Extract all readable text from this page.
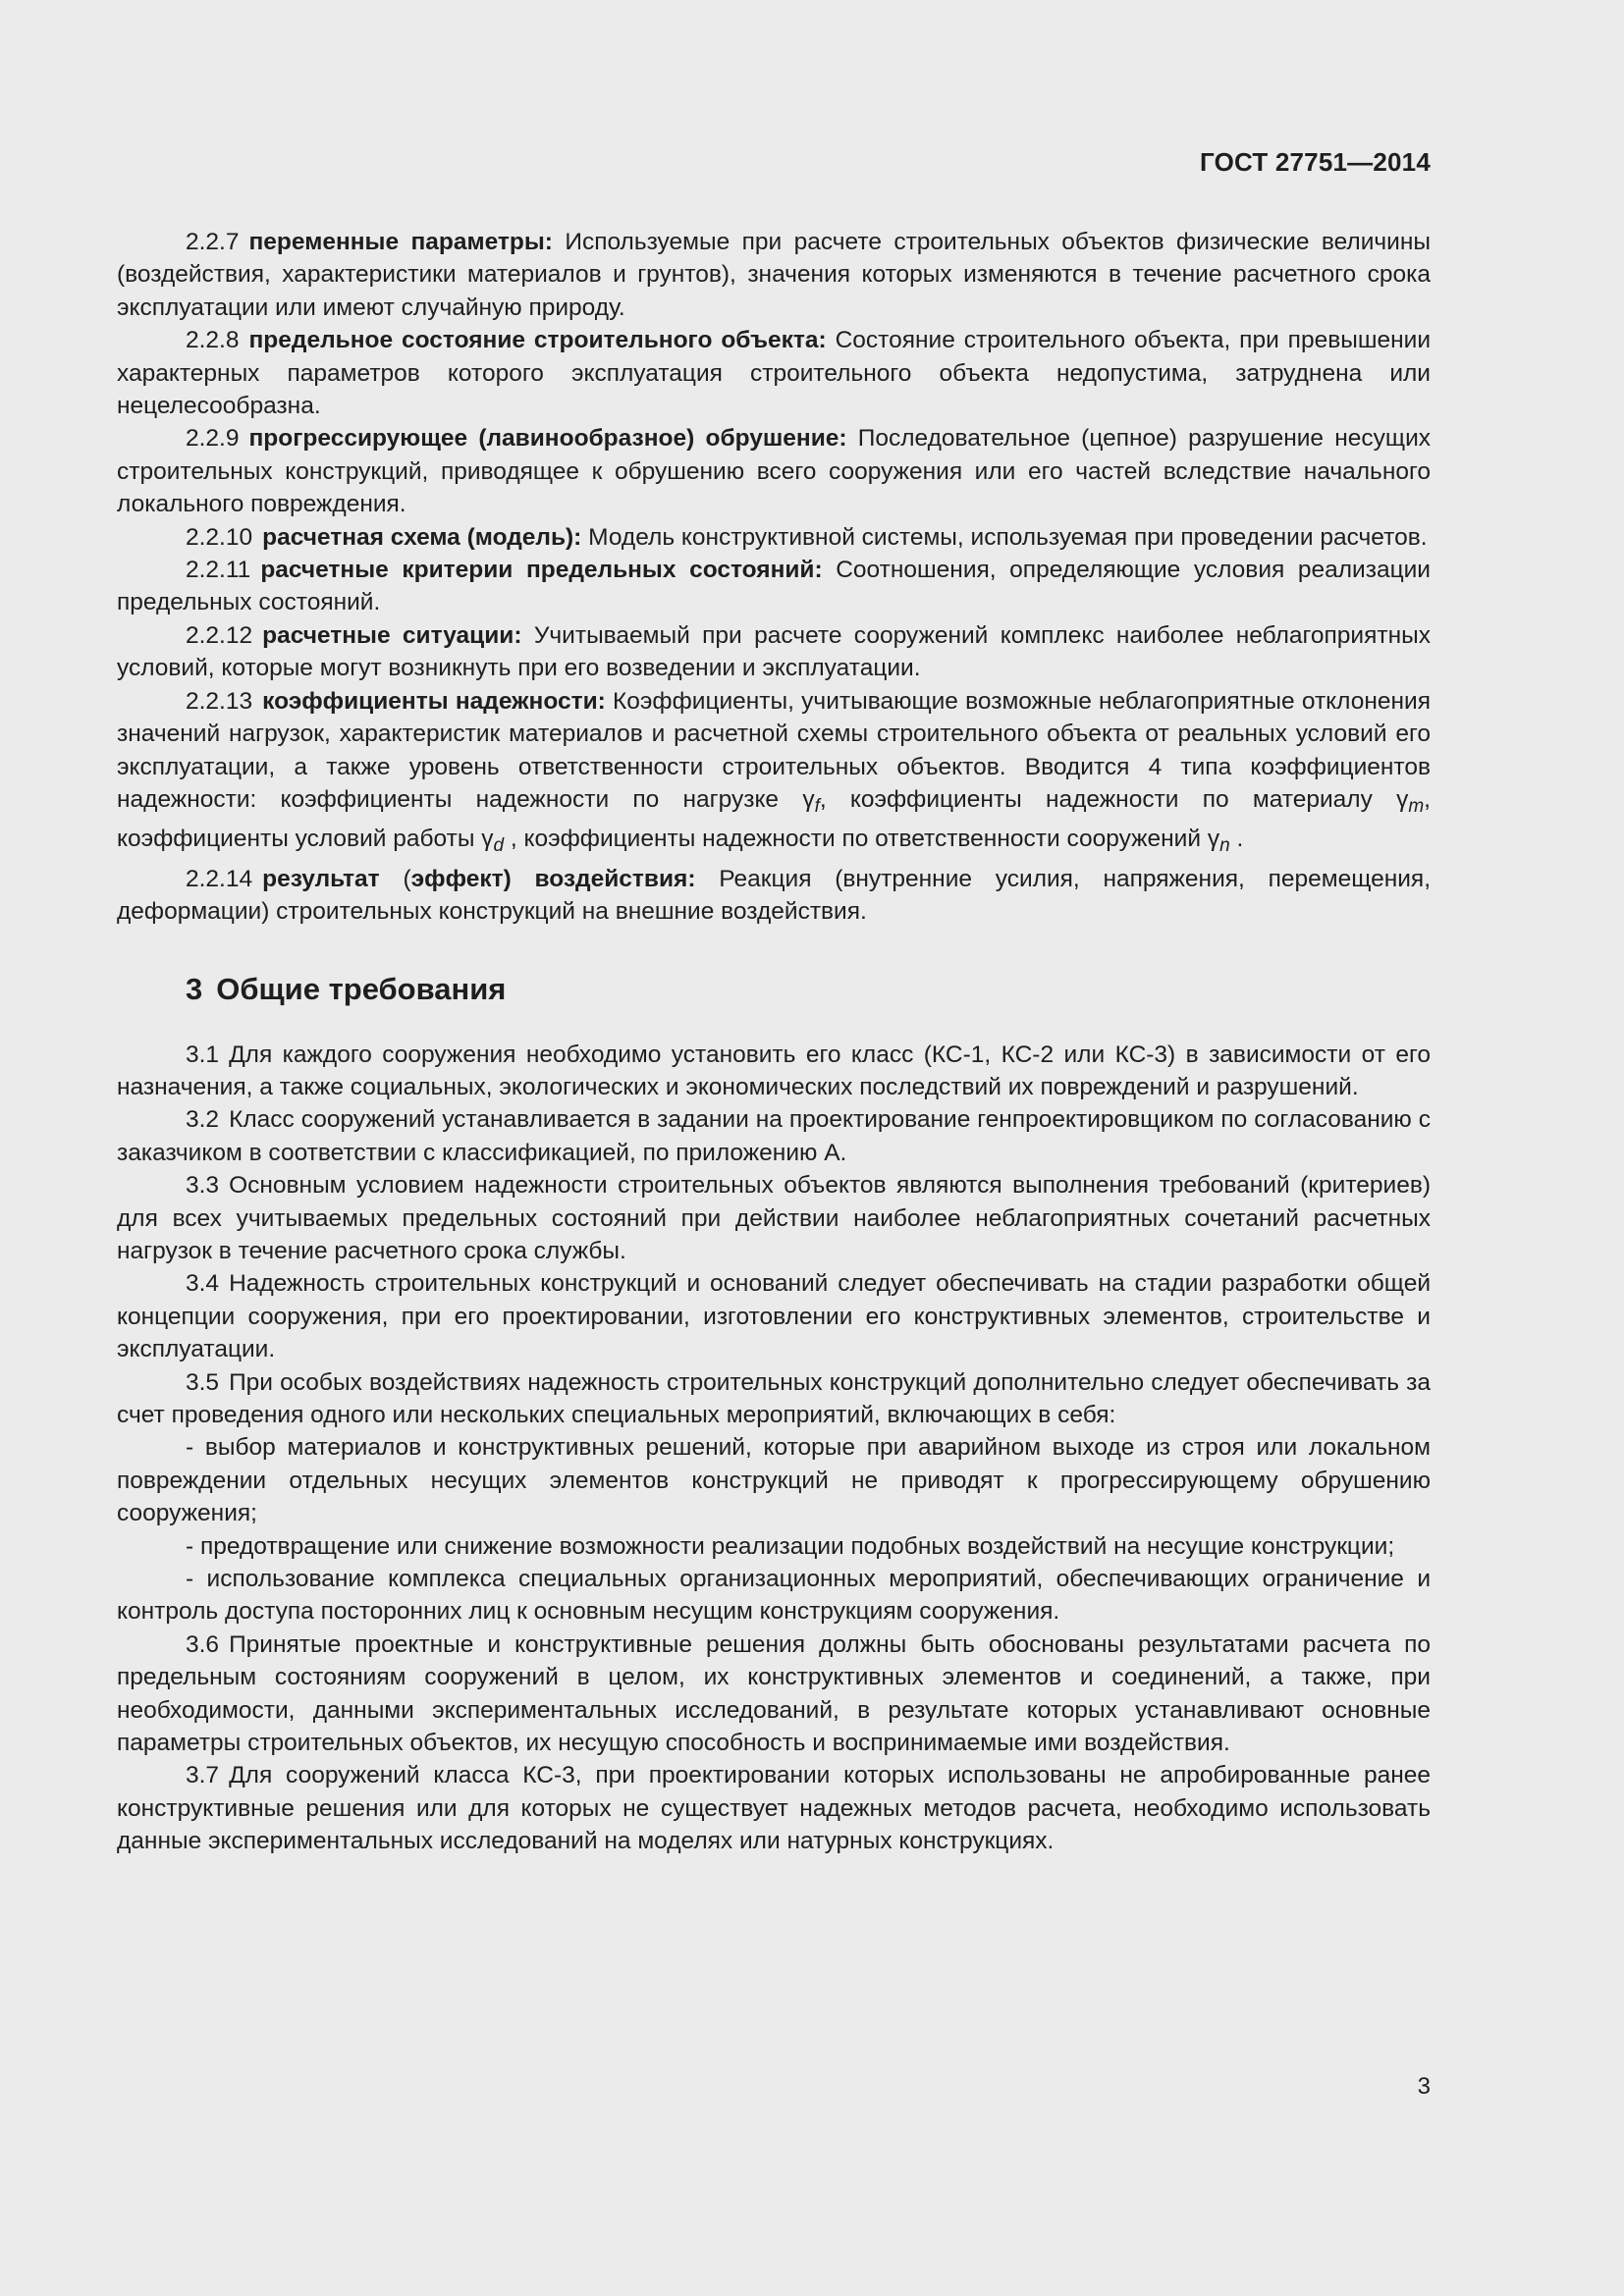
ГОСТ 27751—2014

2.2.7 переменные параметры: Используемые при расчете строительных объектов физические величины (воздействия, характеристики материалов и грунтов), значения которых изменяются в течение расчетного срока эксплуатации или имеют случайную природу.

2.2.8 предельное состояние строительного объекта: Состояние строительного объекта, при превышении характерных параметров которого эксплуатация строительного объекта недопустима, затруднена или нецелесообразна.

2.2.9 прогрессирующее (лавинообразное) обрушение: Последовательное (цепное) разрушение несущих строительных конструкций, приводящее к обрушению всего сооружения или его частей вследствие начального локального повреждения.

2.2.10 расчетная схема (модель): Модель конструктивной системы, используемая при проведении расчетов.

2.2.11 расчетные критерии предельных состояний: Соотношения, определяющие условия реализации предельных состояний.

2.2.12 расчетные ситуации: Учитываемый при расчете сооружений комплекс наиболее неблагоприятных условий, которые могут возникнуть при его возведении и эксплуатации.

2.2.13 коэффициенты надежности: Коэффициенты, учитывающие возможные неблагоприятные отклонения значений нагрузок, характеристик материалов и расчетной схемы строительного объекта от реальных условий его эксплуатации, а также уровень ответственности строительных объектов. Вводится 4 типа коэффициентов надежности: коэффициенты надежности по нагрузке $\gamma_f$, коэффициенты надежности по материалу $\gamma_m$, коэффициенты условий работы $\gamma_d$ , коэффициенты надежности по ответственности сооружений $\gamma_n$ .

2.2.14 результат (эффект) воздействия: Реакция (внутренние усилия, напряжения, перемещения, деформации) строительных конструкций на внешние воздействия.

3 Общие требования

3.1 Для каждого сооружения необходимо установить его класс (КС-1, КС-2 или КС-3) в зависимости от его назначения, а также социальных, экологических и экономических последствий их повреждений и разрушений.

3.2 Класс сооружений устанавливается в задании на проектирование генпроектировщиком по согласованию с заказчиком в соответствии с классификацией, по приложению А.

3.3 Основным условием надежности строительных объектов являются выполнения требований (критериев) для всех учитываемых предельных состояний при действии наиболее неблагоприятных сочетаний расчетных нагрузок в течение расчетного срока службы.

3.4 Надежность строительных конструкций и оснований следует обеспечивать на стадии разработки общей концепции сооружения, при его проектировании, изготовлении его конструктивных элементов, строительстве и эксплуатации.

3.5 При особых воздействиях надежность строительных конструкций дополнительно следует обеспечивать за счет проведения одного или нескольких специальных мероприятий, включающих в себя:

- выбор материалов и конструктивных решений, которые при аварийном выходе из строя или локальном повреждении отдельных несущих элементов конструкций не приводят к прогрессирующему обрушению сооружения;

- предотвращение или снижение возможности реализации подобных воздействий на несущие конструкции;

- использование комплекса специальных организационных мероприятий, обеспечивающих ограничение и контроль доступа посторонних лиц к основным несущим конструкциям сооружения.

3.6 Принятые проектные и конструктивные решения должны быть обоснованы результатами расчета по предельным состояниям сооружений в целом, их конструктивных элементов и соединений, а также, при необходимости, данными экспериментальных исследований, в результате которых устанавливают основные параметры строительных объектов, их несущую способность и воспринимаемые ими воздействия.

3.7 Для сооружений класса КС-3, при проектировании которых использованы не апробированные ранее конструктивные решения или для которых не существует надежных методов расчета, необходимо использовать данные экспериментальных исследований на моделях или натурных конструкциях.

3
